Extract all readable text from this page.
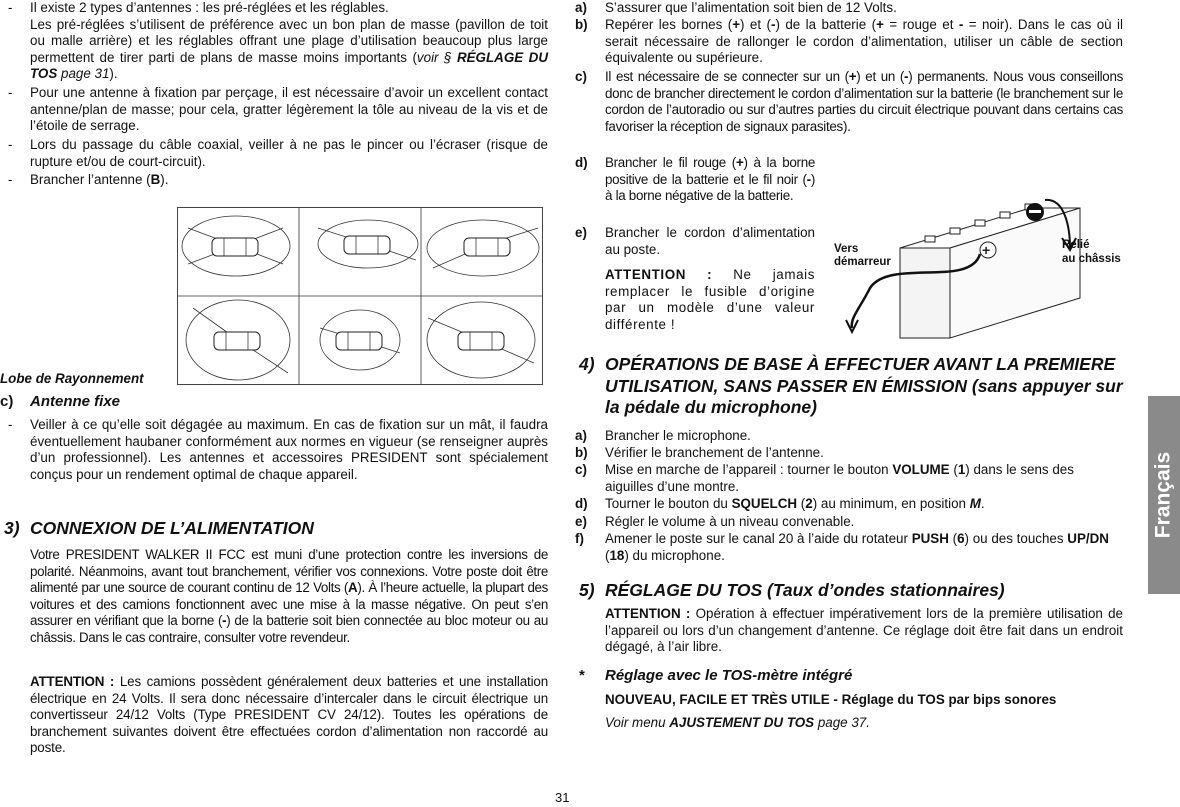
- Il existe 2 types d’antennes : les pré-réglées et les réglables.
Les pré-réglées s’utilisent de préférence avec un bon plan de masse (pavillon de toit ou malle arrière) et les réglables offrant une plage d’utilisation beaucoup plus large permettent de tirer parti de plans de masse moins importants (voir § RÉGLAGE DU TOS page 31).
- Pour une antenne à fixation par perçage, il est nécessaire d’avoir un excellent contact antenne/plan de masse; pour cela, gratter légèrement la tôle au niveau de la vis et de l’étoile de serrage.
- Lors du passage du câble coaxial, veiller à ne pas le pincer ou l’écraser (risque de rupture et/ou de court-circuit).
- Brancher l’antenne (B).
Lobe de Rayonnement
c) Antenne fixe
- Veiller à ce qu’elle soit dégagée au maximum. En cas de fixation sur un mât, il faudra éventuellement haubaner conformément aux normes en vigueur (se renseigner auprès d’un professionnel). Les antennes et accessoires PRESIDENT sont spécialement conçus pour un rendement optimal de chaque appareil.
3) CONNEXION DE L’ALIMENTATION
Votre PRESIDENT WALKER II FCC est muni d’une protection contre les inversions de polarité. Néanmoins, avant tout branchement, vérifier vos connexions. Votre poste doit être alimenté par une source de courant continu de 12 Volts (A). À l’heure actuelle, la plupart des voitures et des camions fonctionnent avec une mise à la masse négative. On peut s’en assurer en vérifiant que la borne (-) de la batterie soit bien connectée au bloc moteur ou au châssis. Dans le cas contraire, consulter votre revendeur.
ATTENTION : Les camions possèdent généralement deux batteries et une installation électrique en 24 Volts. Il sera donc nécessaire d’intercaler dans le circuit électrique un convertisseur 24/12 Volts (Type PRESIDENT CV 24/12). Toutes les opérations de branchement suivantes doivent être effectuées cordon d’alimentation non raccordé au poste.
a) S’assurer que l’alimentation soit bien de 12 Volts.
b) Repérer les bornes (+) et (-) de la batterie (+ = rouge et - = noir). Dans le cas où il serait nécessaire de rallonger le cordon d’alimentation, utiliser un câble de section équivalente ou supérieure.
c) Il est nécessaire de se connecter sur un (+) et un (-) permanents. Nous vous conseillons donc de brancher directement le cordon d’alimentation sur la batterie (le branchement sur le cordon de l’autoradio ou sur d’autres parties du circuit électrique pouvant dans certains cas favoriser la réception de signaux parasites).
d) Brancher le fil rouge (+) à la borne positive de la batterie et le fil noir (-) à la borne négative de la batterie.
e) Brancher le cordon d’alimentation au poste.
ATTENTION : Ne jamais remplacer le fusible d’origine par un modèle d’une valeur différente !
+
Vers
démarreur
Relié
au châssis
4) OPÉRATIONS DE BASE À EFFECTUER AVANT LA PREMIERE UTILISATION, SANS PASSER EN ÉMISSION (sans appuyer sur la pédale du microphone)
a) Brancher le microphone.
b) Vérifier le branchement de l’antenne.
c) Mise en marche de l’appareil : tourner le bouton VOLUME (1) dans le sens des aiguilles d’une montre.
d) Tourner le bouton du SQUELCH (2) au minimum, en position M.
e) Régler le volume à un niveau convenable.
f) Amener le poste sur le canal 20 à l’aide du rotateur PUSH (6) ou des touches UP/DN (18) du microphone.
5) RÉGLAGE DU TOS (Taux d’ondes stationnaires)
ATTENTION : Opération à effectuer impérativement lors de la première utilisation de l’appareil ou lors d’un changement d’antenne. Ce réglage doit être fait dans un endroit dégagé, à l’air libre.
* Réglage avec le TOS-mètre intégré
NOUVEAU, FACILE ET TRÈS UTILE - Réglage du TOS par bips sonores
Voir menu AJUSTEMENT DU TOS page 37.
Français
31
